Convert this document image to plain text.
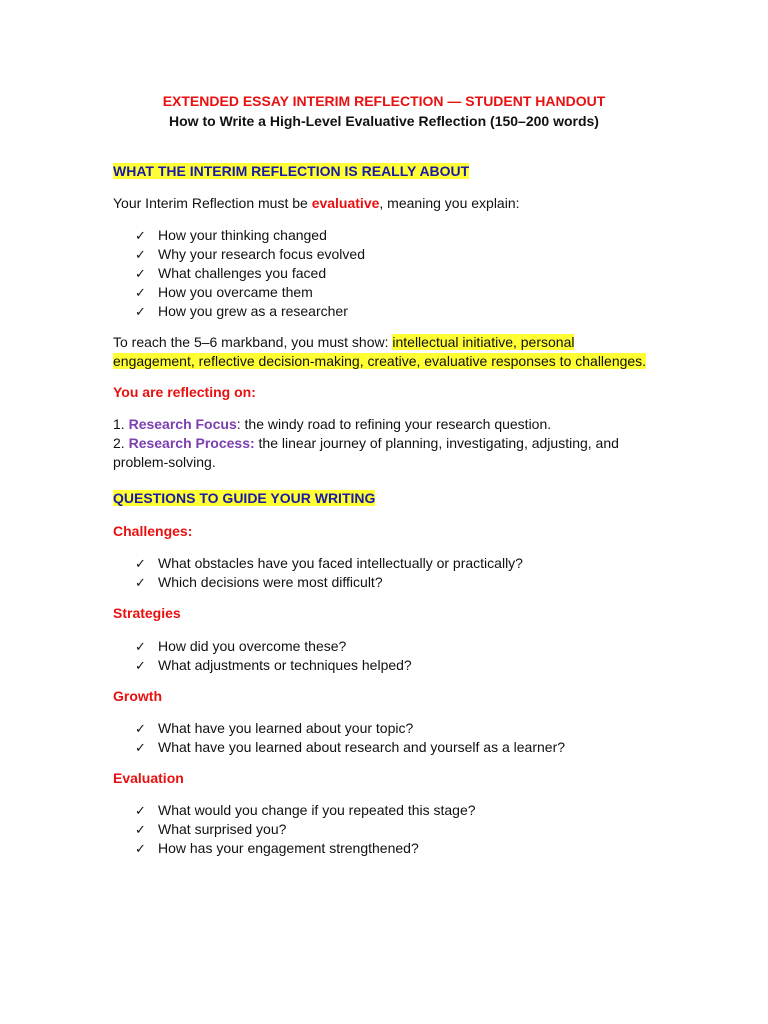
EXTENDED ESSAY INTERIM REFLECTION — STUDENT HANDOUT
How to Write a High-Level Evaluative Reflection (150–200 words)
WHAT THE INTERIM REFLECTION IS REALLY ABOUT
Your Interim Reflection must be evaluative, meaning you explain:
✓ How your thinking changed
✓ Why your research focus evolved
✓ What challenges you faced
✓ How you overcame them
✓ How you grew as a researcher
To reach the 5–6 markband, you must show: intellectual initiative, personal engagement, reflective decision-making, creative, evaluative responses to challenges.
You are reflecting on:
1. Research Focus: the windy road to refining your research question.
2. Research Process: the linear journey of planning, investigating, adjusting, and problem-solving.
QUESTIONS TO GUIDE YOUR WRITING
Challenges:
✓ What obstacles have you faced intellectually or practically?
✓ Which decisions were most difficult?
Strategies
✓ How did you overcome these?
✓ What adjustments or techniques helped?
Growth
✓ What have you learned about your topic?
✓ What have you learned about research and yourself as a learner?
Evaluation
✓ What would you change if you repeated this stage?
✓ What surprised you?
✓ How has your engagement strengthened?
